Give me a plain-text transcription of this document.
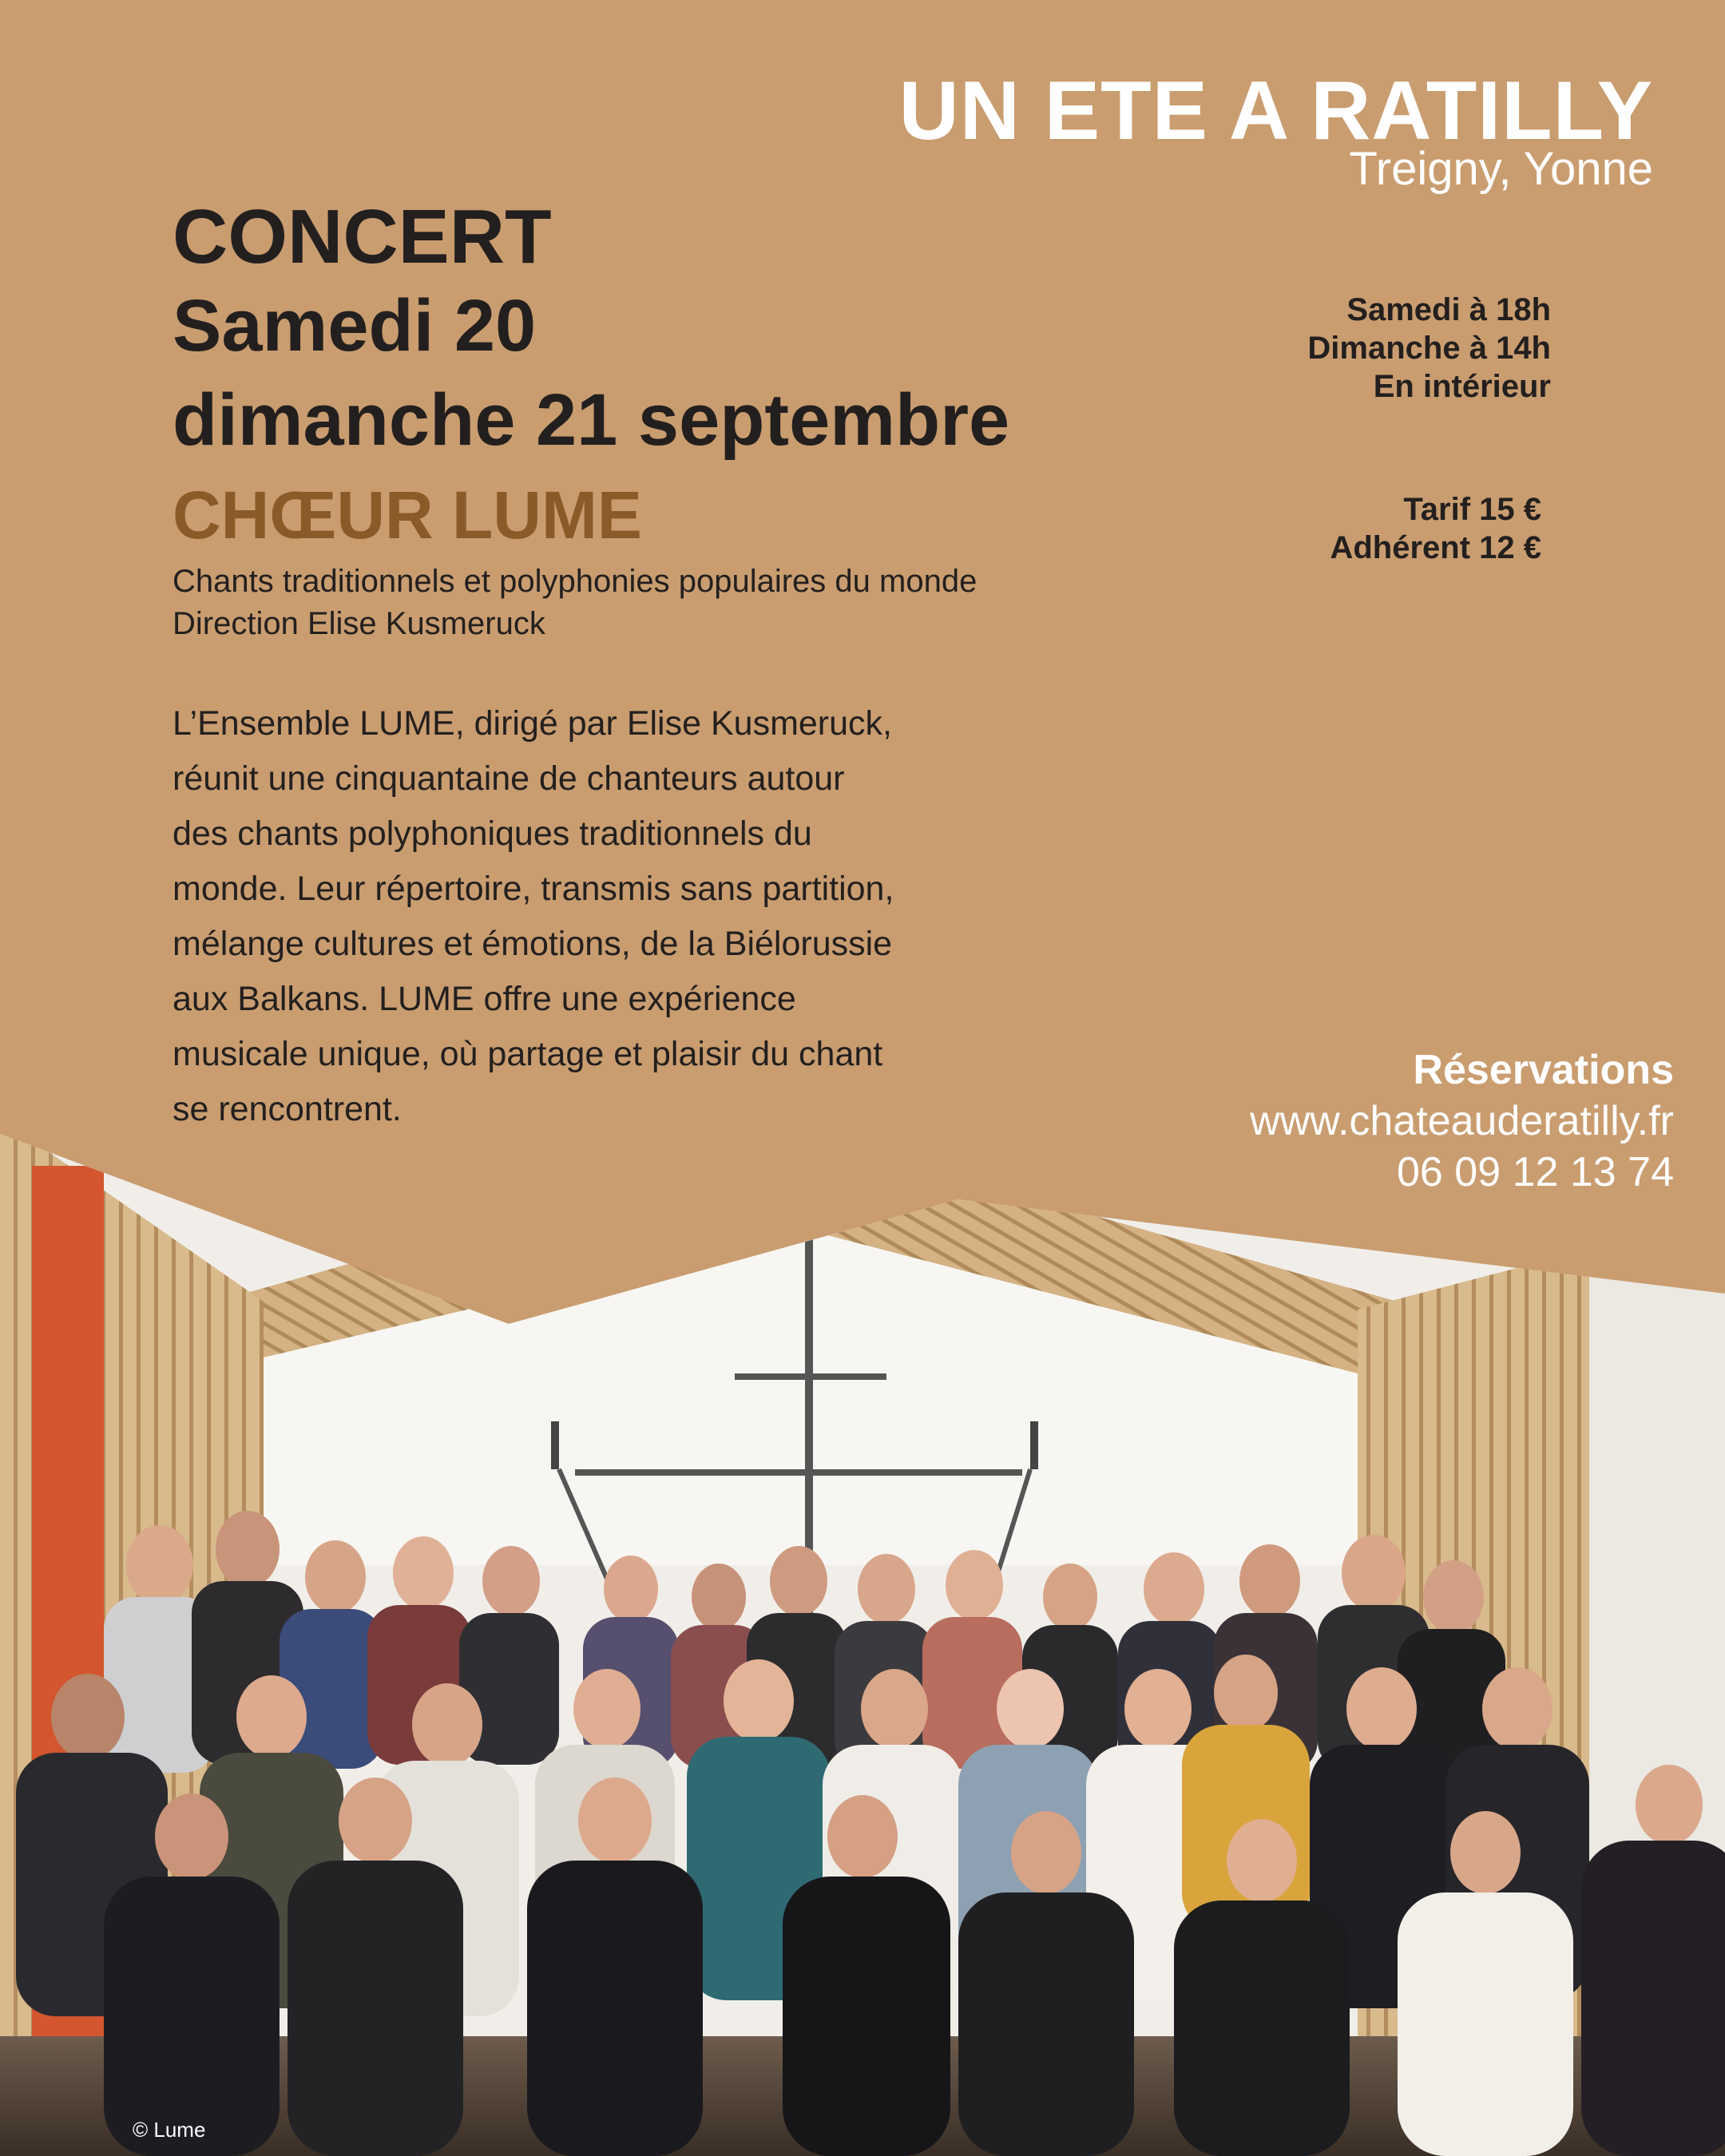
UN ETE A RATILLY
Treigny, Yonne
CONCERT
Samedi 20
dimanche 21 septembre
CHŒUR LUME
Chants traditionnels et polyphonies populaires du monde
Direction Elise Kusmeruck
L’Ensemble LUME, dirigé par Elise Kusmeruck,
réunit une cinquantaine de chanteurs autour
des chants polyphoniques traditionnels du
monde. Leur répertoire, transmis sans partition,
mélange cultures et émotions, de la Biélorussie
aux Balkans. LUME offre une expérience
musicale unique, où partage et plaisir du chant
se rencontrent.
Samedi à 18h
Dimanche à 14h
En intérieur
Tarif 15 €
Adhérent 12 €
Réservations
www.chateauderatilly.fr
06 09 12 13 74
© Lume
